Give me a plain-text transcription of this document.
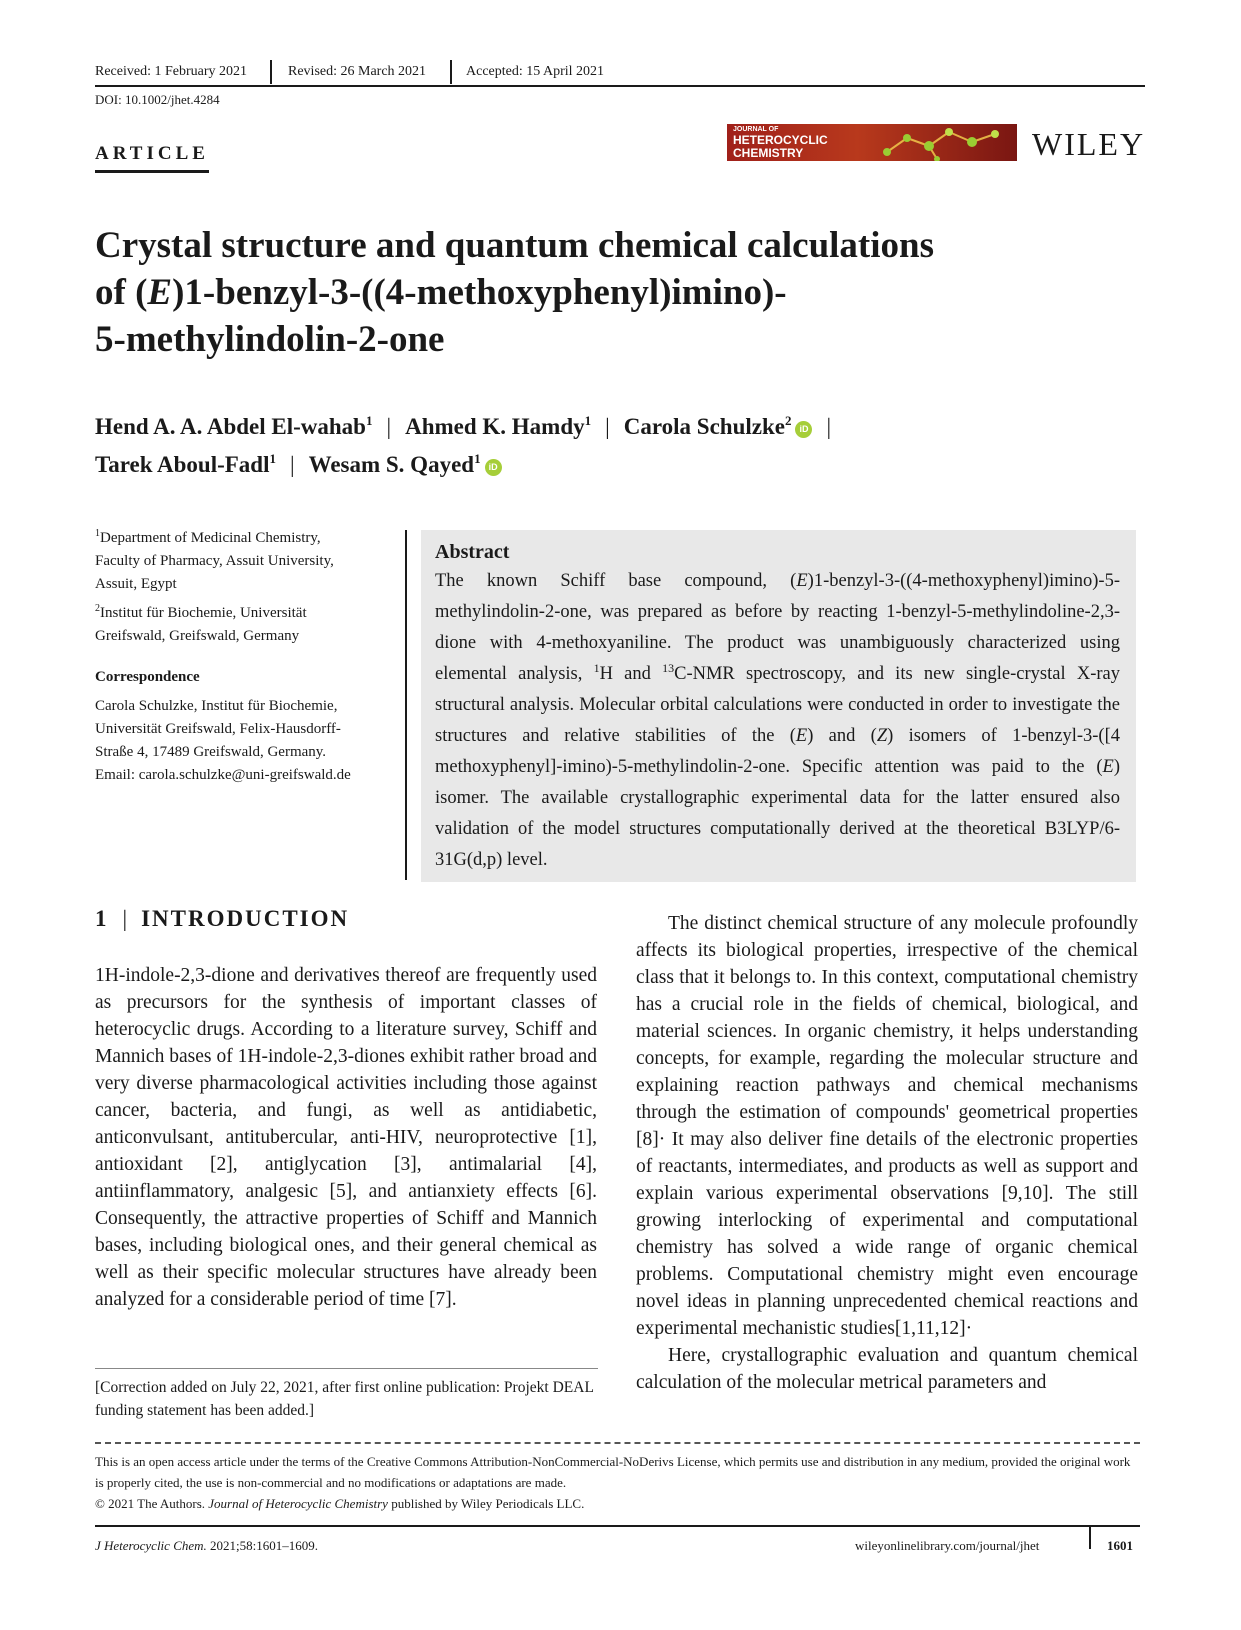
Received: 1 February 2021	Revised: 26 March 2021	Accepted: 15 April 2021
DOI: 10.1002/jhet.4284
ARTICLE
JOURNAL OF
HETEROCYCLIC
CHEMISTRY	WILEY
Crystal structure and quantum chemical calculations
of (E)1-benzyl-3-((4-methoxyphenyl)imino)-
5-methylindolin-2-one
Hend A. A. Abdel El-wahab$^1$ | Ahmed K. Hamdy$^1$ | Carola Schulzke$^2$iD |
Tarek Aboul-Fadl$^1$ | Wesam S. Qayed$^1$iD

$^1$Department of Medicinal Chemistry,
Faculty of Pharmacy, Assuit University,
Assuit, Egypt

$^2$Institut für Biochemie, Universität
Greifswald, Greifswald, Germany

Correspondence

Carola Schulzke, Institut für Biochemie,
Universität Greifswald, Felix-Hausdorff-
Straße 4, 17489 Greifswald, Germany.
Email: carola.schulzke@uni-greifswald.de

Abstract

The known Schiff base compound, (E)1-benzyl-3-((4-methoxyphenyl)imino)-5-methylindolin-2-one, was prepared as before by reacting 1-benzyl-5-methylindoline-2,3-dione with 4-methoxyaniline. The product was unambiguously characterized using elemental analysis, $^1$H and $^{13}$C-NMR spectroscopy, and its new single-crystal X-ray structural analysis. Molecular orbital calculations were conducted in order to investigate the structures and relative stabilities of the (E) and (Z) isomers of 1-benzyl-3-([4 methoxyphenyl]-imino)-5-methylindolin-2-one. Specific attention was paid to the (E) isomer. The available crystallographic experimental data for the latter ensured also validation of the model structures computationally derived at the theoretical B3LYP/6-31G(d,p) level.

1 | INTRODUCTION

1H-indole-2,3-dione and derivatives thereof are frequently used as precursors for the synthesis of important classes of heterocyclic drugs. According to a literature survey, Schiff and Mannich bases of 1H-indole-2,3-diones exhibit rather broad and very diverse pharmacological activities including those against cancer, bacteria, and fungi, as well as antidiabetic, anticonvulsant, antitubercular, anti-HIV, neuroprotective [1], antioxidant [2], antiglycation [3], antimalarial [4], antiinflammatory, analgesic [5], and antianxiety effects [6]. Consequently, the attractive properties of Schiff and Mannich bases, including biological ones, and their general chemical as well as their specific molecular structures have already been analyzed for a considerable period of time [7].

[Correction added on July 22, 2021, after first online publication: Projekt DEAL funding statement has been added.]

The distinct chemical structure of any molecule profoundly affects its biological properties, irrespective of the chemical class that it belongs to. In this context, computational chemistry has a crucial role in the fields of chemical, biological, and material sciences. In organic chemistry, it helps understanding concepts, for example, regarding the molecular structure and explaining reaction pathways and chemical mechanisms through the estimation of compounds' geometrical properties [8]· It may also deliver fine details of the electronic properties of reactants, intermediates, and products as well as support and explain various experimental observations [9,10]. The still growing interlocking of experimental and computational chemistry has solved a wide range of organic chemical problems. Computational chemistry might even encourage novel ideas in planning unprecedented chemical reactions and experimental mechanistic studies[1,11,12]·

Here, crystallographic evaluation and quantum chemical calculation of the molecular metrical parameters and

This is an open access article under the terms of the Creative Commons Attribution-NonCommercial-NoDerivs License, which permits use and distribution in any medium, provided the original work is properly cited, the use is non-commercial and no modifications or adaptations are made.

© 2021 The Authors. Journal of Heterocyclic Chemistry published by Wiley Periodicals LLC.

J Heterocyclic Chem. 2021;58:1601–1609.	wileyonlinelibrary.com/journal/jhet	1601
